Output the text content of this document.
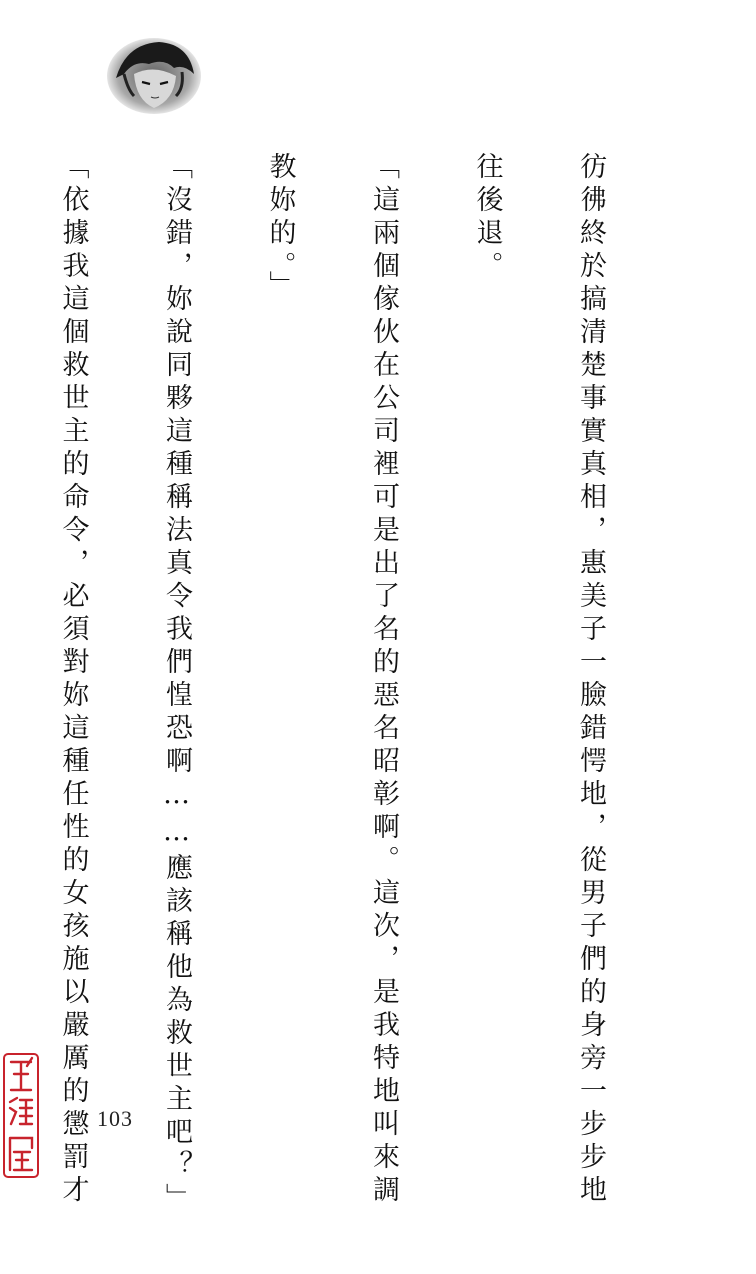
彷彿終於搞清楚事實真相，惠美子一臉錯愕地，從男子們的身旁一步步地

往後退。

「這兩個傢伙在公司裡可是出了名的惡名昭彰啊。這次，是我特地叫來調

教妳的。」

「沒錯，妳說同夥這種稱法真令我們惶恐啊……應該稱他為救世主吧？」

「依據我這個救世主的命令，必須對妳這種任性的女孩施以嚴厲的懲罰才

103
